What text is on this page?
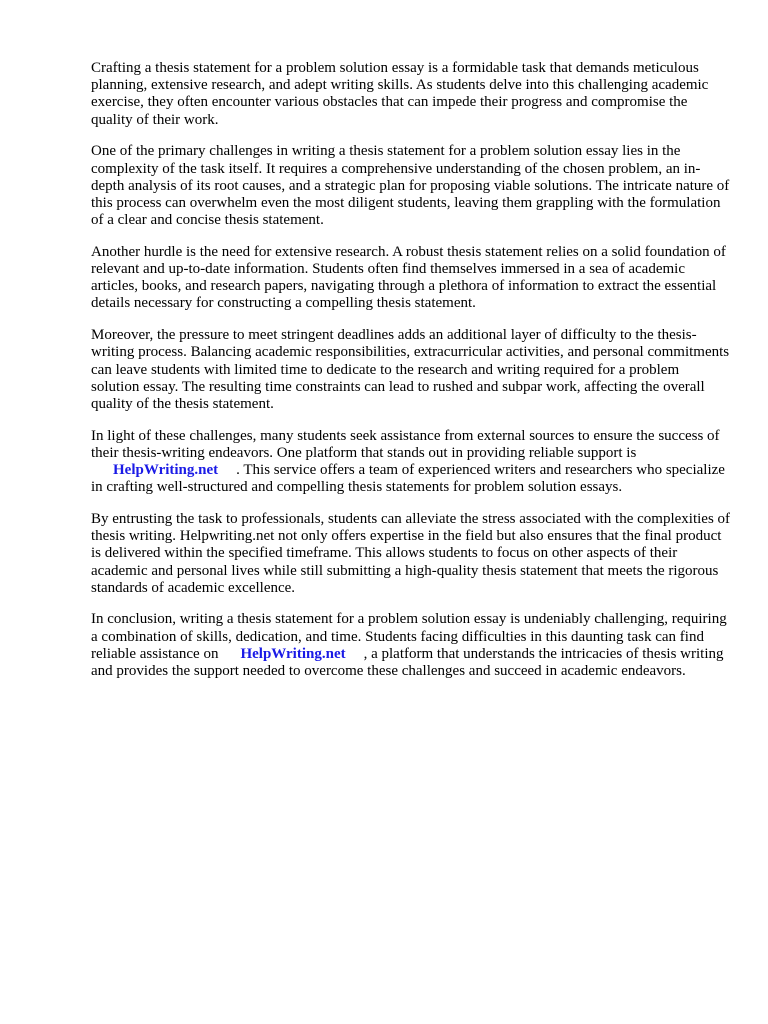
Crafting a thesis statement for a problem solution essay is a formidable task that demands meticulous planning, extensive research, and adept writing skills. As students delve into this challenging academic exercise, they often encounter various obstacles that can impede their progress and compromise the quality of their work.

One of the primary challenges in writing a thesis statement for a problem solution essay lies in the complexity of the task itself. It requires a comprehensive understanding of the chosen problem, an in-depth analysis of its root causes, and a strategic plan for proposing viable solutions. The intricate nature of this process can overwhelm even the most diligent students, leaving them grappling with the formulation of a clear and concise thesis statement.

Another hurdle is the need for extensive research. A robust thesis statement relies on a solid foundation of relevant and up-to-date information. Students often find themselves immersed in a sea of academic articles, books, and research papers, navigating through a plethora of information to extract the essential details necessary for constructing a compelling thesis statement.

Moreover, the pressure to meet stringent deadlines adds an additional layer of difficulty to the thesis-writing process. Balancing academic responsibilities, extracurricular activities, and personal commitments can leave students with limited time to dedicate to the research and writing required for a problem solution essay. The resulting time constraints can lead to rushed and subpar work, affecting the overall quality of the thesis statement.

In light of these challenges, many students seek assistance from external sources to ensure the success of their thesis-writing endeavors. One platform that stands out in providing reliable support is
HelpWriting.net . This service offers a team of experienced writers and researchers who specialize in crafting well-structured and compelling thesis statements for problem solution essays.

By entrusting the task to professionals, students can alleviate the stress associated with the complexities of thesis writing. Helpwriting.net not only offers expertise in the field but also ensures that the final product is delivered within the specified timeframe. This allows students to focus on other aspects of their academic and personal lives while still submitting a high-quality thesis statement that meets the rigorous standards of academic excellence.

In conclusion, writing a thesis statement for a problem solution essay is undeniably challenging, requiring a combination of skills, dedication, and time. Students facing difficulties in this daunting task can find reliable assistance on HelpWriting.net , a platform that understands the intricacies of thesis writing and provides the support needed to overcome these challenges and succeed in academic endeavors.
